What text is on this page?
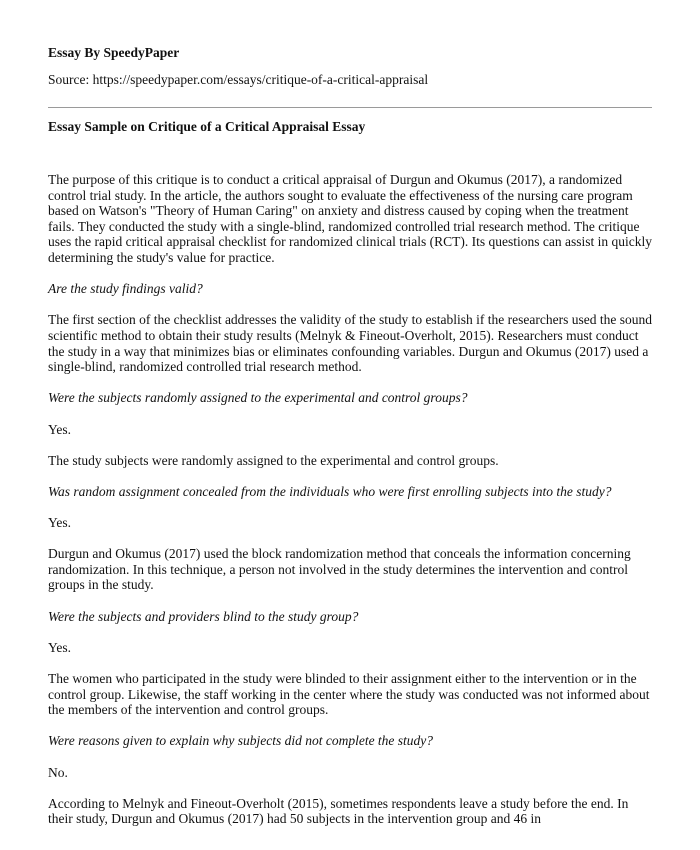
Essay By SpeedyPaper

Source: https://speedypaper.com/essays/critique-of-a-critical-appraisal

Essay Sample on Critique of a Critical Appraisal Essay

The purpose of this critique is to conduct a critical appraisal of Durgun and Okumus (2017), a randomized control trial study. In the article, the authors sought to evaluate the effectiveness of the nursing care program based on Watson's "Theory of Human Caring" on anxiety and distress caused by coping when the treatment fails. They conducted the study with a single-blind, randomized controlled trial research method. The critique uses the rapid critical appraisal checklist for randomized clinical trials (RCT). Its questions can assist in quickly determining the study's value for practice.

Are the study findings valid?

The first section of the checklist addresses the validity of the study to establish if the researchers used the sound scientific method to obtain their study results (Melnyk & Fineout-Overholt, 2015). Researchers must conduct the study in a way that minimizes bias or eliminates confounding variables. Durgun and Okumus (2017) used a single-blind, randomized controlled trial research method.

Were the subjects randomly assigned to the experimental and control groups?

Yes.

The study subjects were randomly assigned to the experimental and control groups.

Was random assignment concealed from the individuals who were first enrolling subjects into the study?

Yes.

Durgun and Okumus (2017) used the block randomization method that conceals the information concerning randomization. In this technique, a person not involved in the study determines the intervention and control groups in the study.

Were the subjects and providers blind to the study group?

Yes.

The women who participated in the study were blinded to their assignment either to the intervention or in the control group. Likewise, the staff working in the center where the study was conducted was not informed about the members of the intervention and control groups.

Were reasons given to explain why subjects did not complete the study?

No.

According to Melnyk and Fineout-Overholt (2015), sometimes respondents leave a study before the end. In their study, Durgun and Okumus (2017) had 50 subjects in the intervention group and 46 in
